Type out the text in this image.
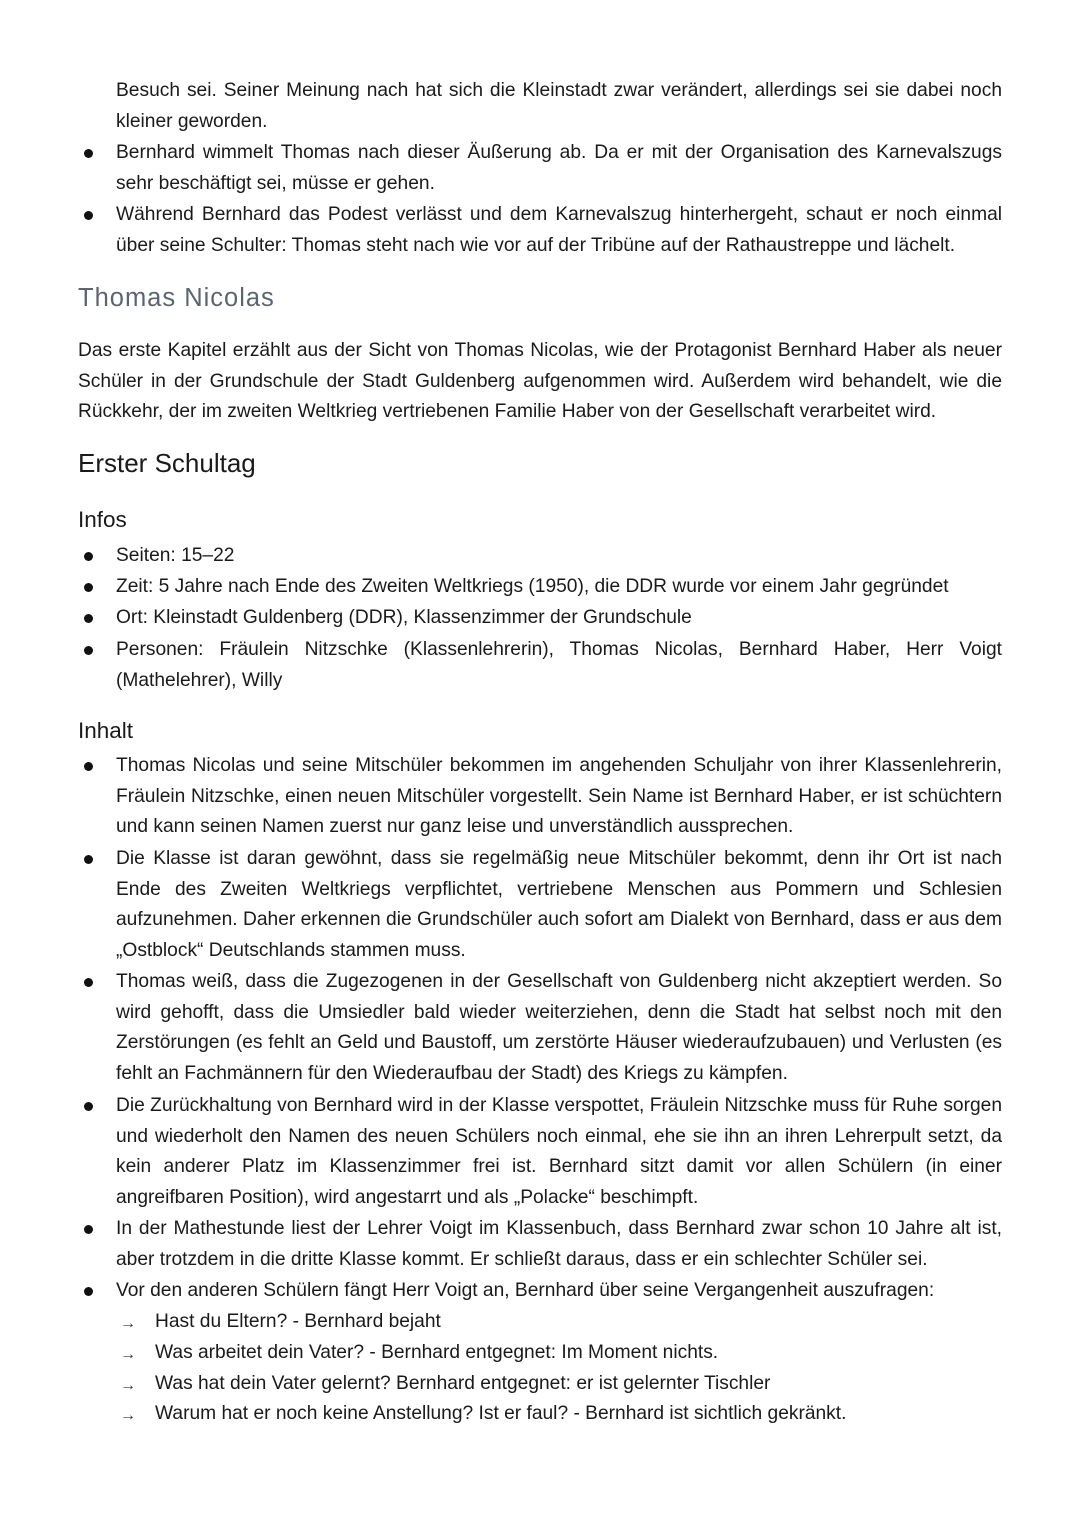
Besuch sei. Seiner Meinung nach hat sich die Kleinstadt zwar verändert, allerdings sei sie dabei noch kleiner geworden.

Bernhard wimmelt Thomas nach dieser Äußerung ab. Da er mit der Organisation des Karnevalszugs sehr beschäftigt sei, müsse er gehen.

Während Bernhard das Podest verlässt und dem Karnevalszug hinterhergeht, schaut er noch einmal über seine Schulter: Thomas steht nach wie vor auf der Tribüne auf der Rathaustreppe und lächelt.

Thomas Nicolas

Das erste Kapitel erzählt aus der Sicht von Thomas Nicolas, wie der Protagonist Bernhard Haber als neuer Schüler in der Grundschule der Stadt Guldenberg aufgenommen wird. Außerdem wird behandelt, wie die Rückkehr, der im zweiten Weltkrieg vertriebenen Familie Haber von der Gesellschaft verarbeitet wird.

Erster Schultag
Infos

Seiten: 15–22

Zeit: 5 Jahre nach Ende des Zweiten Weltkriegs (1950), die DDR wurde vor einem Jahr gegründet

Ort: Kleinstadt Guldenberg (DDR), Klassenzimmer der Grundschule

Personen: Fräulein Nitzschke (Klassenlehrerin), Thomas Nicolas, Bernhard Haber, Herr Voigt (Mathelehrer), Willy

Inhalt

Thomas Nicolas und seine Mitschüler bekommen im angehenden Schuljahr von ihrer Klassenlehrerin, Fräulein Nitzschke, einen neuen Mitschüler vorgestellt. Sein Name ist Bernhard Haber, er ist schüchtern und kann seinen Namen zuerst nur ganz leise und unverständlich aussprechen.

Die Klasse ist daran gewöhnt, dass sie regelmäßig neue Mitschüler bekommt, denn ihr Ort ist nach Ende des Zweiten Weltkriegs verpflichtet, vertriebene Menschen aus Pommern und Schlesien aufzunehmen. Daher erkennen die Grundschüler auch sofort am Dialekt von Bernhard, dass er aus dem „Ostblock“ Deutschlands stammen muss.

Thomas weiß, dass die Zugezogenen in der Gesellschaft von Guldenberg nicht akzeptiert werden. So wird gehofft, dass die Umsiedler bald wieder weiterziehen, denn die Stadt hat selbst noch mit den Zerstörungen (es fehlt an Geld und Baustoff, um zerstörte Häuser wiederaufzubauen) und Verlusten (es fehlt an Fachmännern für den Wiederaufbau der Stadt) des Kriegs zu kämpfen.

Die Zurückhaltung von Bernhard wird in der Klasse verspottet, Fräulein Nitzschke muss für Ruhe sorgen und wiederholt den Namen des neuen Schülers noch einmal, ehe sie ihn an ihren Lehrerpult setzt, da kein anderer Platz im Klassenzimmer frei ist. Bernhard sitzt damit vor allen Schülern (in einer angreifbaren Position), wird angestarrt und als „Polacke“ beschimpft.

In der Mathestunde liest der Lehrer Voigt im Klassenbuch, dass Bernhard zwar schon 10 Jahre alt ist, aber trotzdem in die dritte Klasse kommt. Er schließt daraus, dass er ein schlechter Schüler sei.

Vor den anderen Schülern fängt Herr Voigt an, Bernhard über seine Vergangenheit auszufragen:

→ Hast du Eltern? - Bernhard bejaht

→ Was arbeitet dein Vater? - Bernhard entgegnet: Im Moment nichts.

→ Was hat dein Vater gelernt? Bernhard entgegnet: er ist gelernter Tischler

→ Warum hat er noch keine Anstellung? Ist er faul? - Bernhard ist sichtlich gekränkt.
